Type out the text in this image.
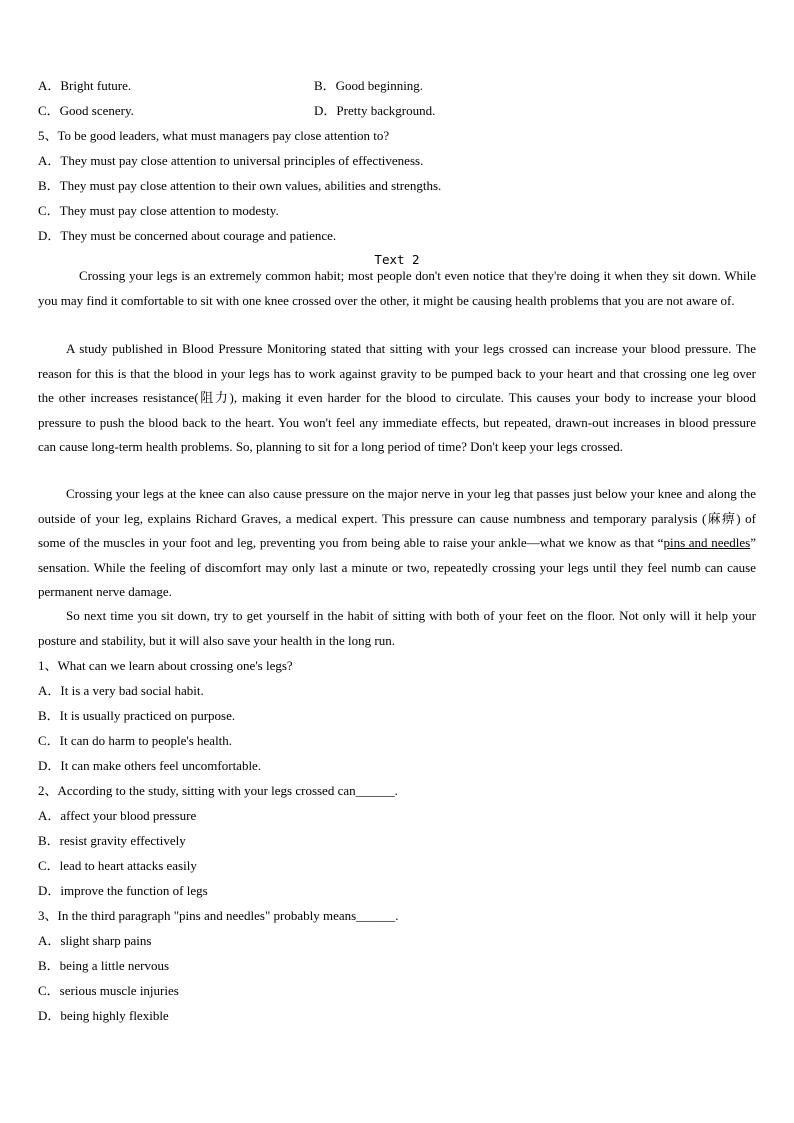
A．Bright future.	B．Good beginning.
C．Good scenery.	D．Pretty background.
5、To be good leaders, what must managers pay close attention to?
A．They must pay close attention to universal principles of effectiveness.
B．They must pay close attention to their own values, abilities and strengths.
C．They must pay close attention to modesty.
D．They must be concerned about courage and patience.
Text 2
Crossing your legs is an extremely common habit; most people don't even notice that they're doing it when they sit down. While you may find it comfortable to sit with one knee crossed over the other, it might be causing health problems that you are not aware of.
A study published in Blood Pressure Monitoring stated that sitting with your legs crossed can increase your blood pressure. The reason for this is that the blood in your legs has to work against gravity to be pumped back to your heart and that crossing one leg over the other increases resistance(阻力), making it even harder for the blood to circulate. This causes your body to increase your blood pressure to push the blood back to the heart. You won't feel any immediate effects, but repeated, drawn-out increases in blood pressure can cause long-term health problems. So, planning to sit for a long period of time? Don't keep your legs crossed.
Crossing your legs at the knee can also cause pressure on the major nerve in your leg that passes just below your knee and along the outside of your leg, explains Richard Graves, a medical expert. This pressure can cause numbness and temporary paralysis (麻痹) of some of the muscles in your foot and leg, preventing you from being able to raise your ankle—what we know as that “pins and needles” sensation. While the feeling of discomfort may only last a minute or two, repeatedly crossing your legs until they feel numb can cause permanent nerve damage.
So next time you sit down, try to get yourself in the habit of sitting with both of your feet on the floor. Not only will it help your posture and stability, but it will also save your health in the long run.
1、What can we learn about crossing one's legs?
A．It is a very bad social habit.
B．It is usually practiced on purpose.
C．It can do harm to people's health.
D．It can make others feel uncomfortable.
2、According to the study, sitting with your legs crossed can______.
A．affect your blood pressure
B．resist gravity effectively
C．lead to heart attacks easily
D．improve the function of legs
3、In the third paragraph "pins and needles" probably means______.
A．slight sharp pains
B．being a little nervous
C．serious muscle injuries
D．being highly flexible
